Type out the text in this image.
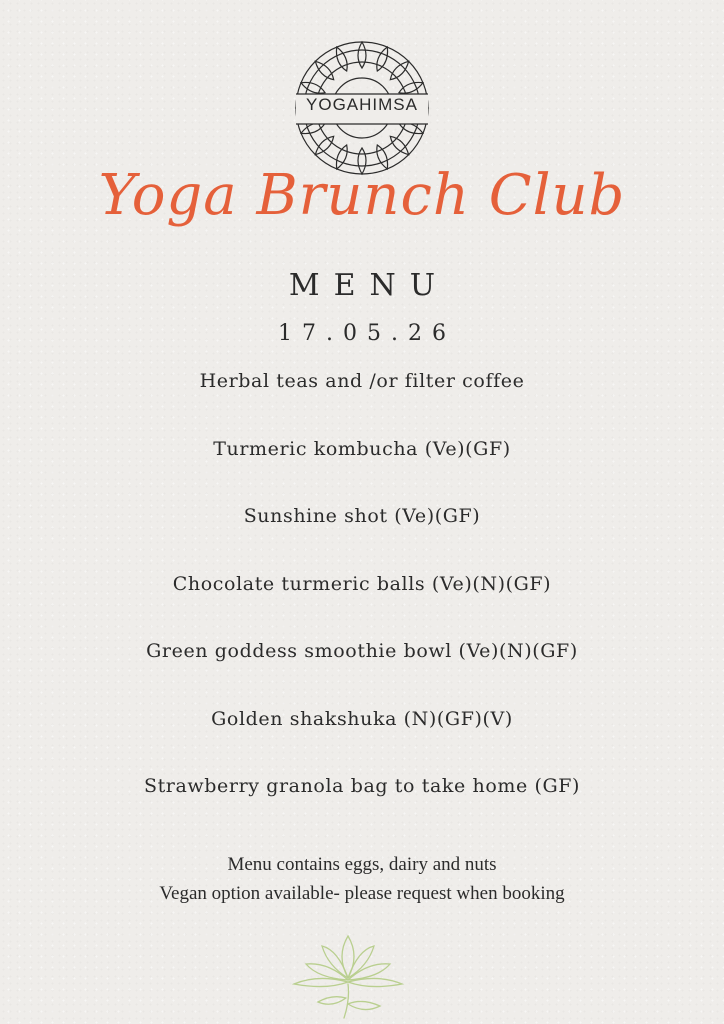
YOGAHIMSA
Yoga Brunch Club
MENU
17.05.26
Herbal teas and /or filter coffee
Turmeric kombucha (Ve)(GF)
Sunshine shot (Ve)(GF)
Chocolate turmeric balls (Ve)(N)(GF)
Green goddess smoothie bowl (Ve)(N)(GF)
Golden shakshuka (N)(GF)(V)
Strawberry granola bag to take home (GF)
Menu contains eggs, dairy and nuts
Vegan option available- please request when booking
